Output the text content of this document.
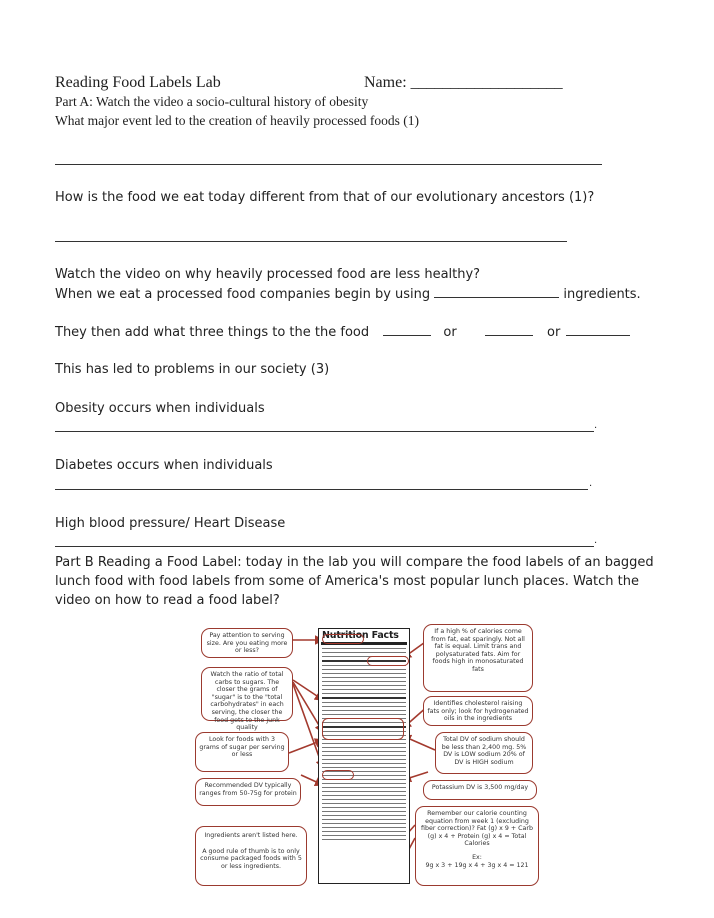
Reading Food Labels Lab	Name: ___________________
Part A: Watch the video a socio-cultural history of obesity
What major event led to the creation of heavily processed foods (1)
How is the food we eat today different from that of our evolutionary ancestors (1)?
Watch the video on why heavily processed food are less healthy?
When we eat a processed food companies begin by using	ingredients.
They then add what three things to the the food	or	or
This has led to problems in our society (3)
Obesity occurs when individuals
.
Diabetes occurs when individuals
.
High blood pressure/ Heart Disease
.
Part B Reading a Food Label: today in the lab you will compare the food labels of an bagged lunch food with food labels from some of America's most popular lunch places. Watch the video on how to read a food label?
Nutrition Facts
Pay attention to serving size. Are you eating more or less?
Watch the ratio of total carbs to sugars. The closer the grams of "sugar" is to the "total carbohydrates" in each serving, the closer the food gets to the junk quality
Look for foods with 3 grams of sugar per serving or less
Recommended DV typically ranges from 50-75g for protein
Ingredients aren't listed here.
A good rule of thumb is to only consume packaged foods with 5 or less ingredients.
If a high % of calories come from fat, eat sparingly. Not all fat is equal. Limit trans and polysaturated fats. Aim for foods high in monosaturated fats
Identifies cholesterol raising fats only; look for hydrogenated oils in the ingredients
Total DV of sodium should be less than 2,400 mg. 5% DV is LOW sodium 20% of DV is HIGH sodium
Potassium DV is 3,500 mg/day
Remember our calorie counting equation from week 1 (excluding fiber correction)? Fat (g) x 9 + Carb (g) x 4 + Protein (g) x 4 = Total Calories
Ex:
9g x 3 + 19g x 4 + 3g x 4 = 121
